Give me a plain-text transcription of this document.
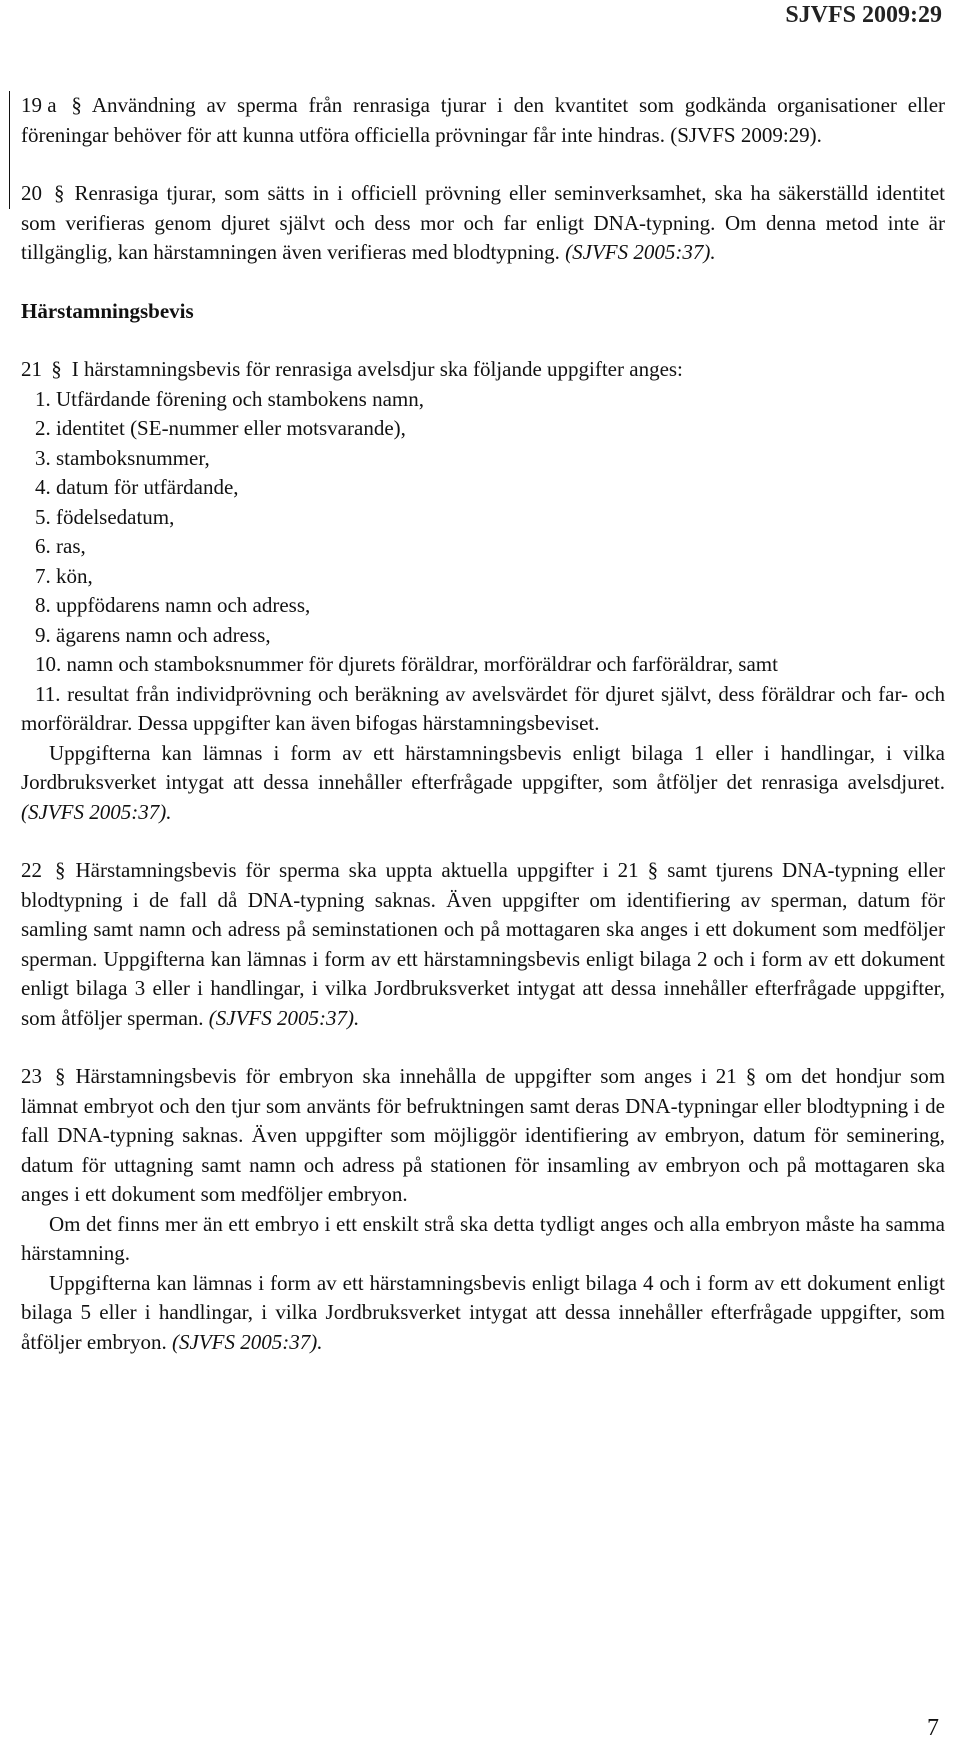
SJVFS 2009:29

19 a § Användning av sperma från renrasiga tjurar i den kvantitet som godkända organisationer eller föreningar behöver för att kunna utföra officiella prövningar får inte hindras. (SJVFS 2009:29).

20 § Renrasiga tjurar, som sätts in i officiell prövning eller seminverksamhet, ska ha säkerställd identitet som verifieras genom djuret självt och dess mor och far enligt DNA-typning. Om denna metod inte är tillgänglig, kan härstamningen även verifieras med blodtypning. (SJVFS 2005:37).

Härstamningsbevis

21 § I härstamningsbevis för renrasiga avelsdjur ska följande uppgifter anges:

1. Utfärdande förening och stambokens namn,
2. identitet (SE-nummer eller motsvarande),
3. stamboksnummer,
4. datum för utfärdande,
5. födelsedatum,
6. ras,
7. kön,
8. uppfödarens namn och adress,
9. ägarens namn och adress,
10. namn och stamboksnummer för djurets föräldrar, morföräldrar och farföräldrar, samt
11. resultat från individprövning och beräkning av avelsvärdet för djuret självt, dess föräldrar och far- och morföräldrar. Dessa uppgifter kan även bifogas härstamningsbeviset.

Uppgifterna kan lämnas i form av ett härstamningsbevis enligt bilaga 1 eller i handlingar, i vilka Jordbruksverket intygat att dessa innehåller efterfrågade uppgifter, som åtföljer det renrasiga avelsdjuret. (SJVFS 2005:37).

22 § Härstamningsbevis för sperma ska uppta aktuella uppgifter i 21 § samt tjurens DNA-typning eller blodtypning i de fall då DNA-typning saknas. Även uppgifter om identifiering av sperman, datum för samling samt namn och adress på seminstationen och på mottagaren ska anges i ett dokument som medföljer sperman. Uppgifterna kan lämnas i form av ett härstamningsbevis enligt bilaga 2 och i form av ett dokument enligt bilaga 3 eller i handlingar, i vilka Jordbruksverket intygat att dessa innehåller efterfrågade uppgifter, som åtföljer sperman. (SJVFS 2005:37).

23 § Härstamningsbevis för embryon ska innehålla de uppgifter som anges i 21 § om det hondjur som lämnat embryot och den tjur som använts för befruktningen samt deras DNA-typningar eller blodtypning i de fall DNA-typning saknas. Även uppgifter som möjliggör identifiering av embryon, datum för seminering, datum för uttagning samt namn och adress på stationen för insamling av embryon och på mottagaren ska anges i ett dokument som medföljer embryon.

Om det finns mer än ett embryo i ett enskilt strå ska detta tydligt anges och alla embryon måste ha samma härstamning.

Uppgifterna kan lämnas i form av ett härstamningsbevis enligt bilaga 4 och i form av ett dokument enligt bilaga 5 eller i handlingar, i vilka Jordbruksverket intygat att dessa innehåller efterfrågade uppgifter, som åtföljer embryon. (SJVFS 2005:37).

7
